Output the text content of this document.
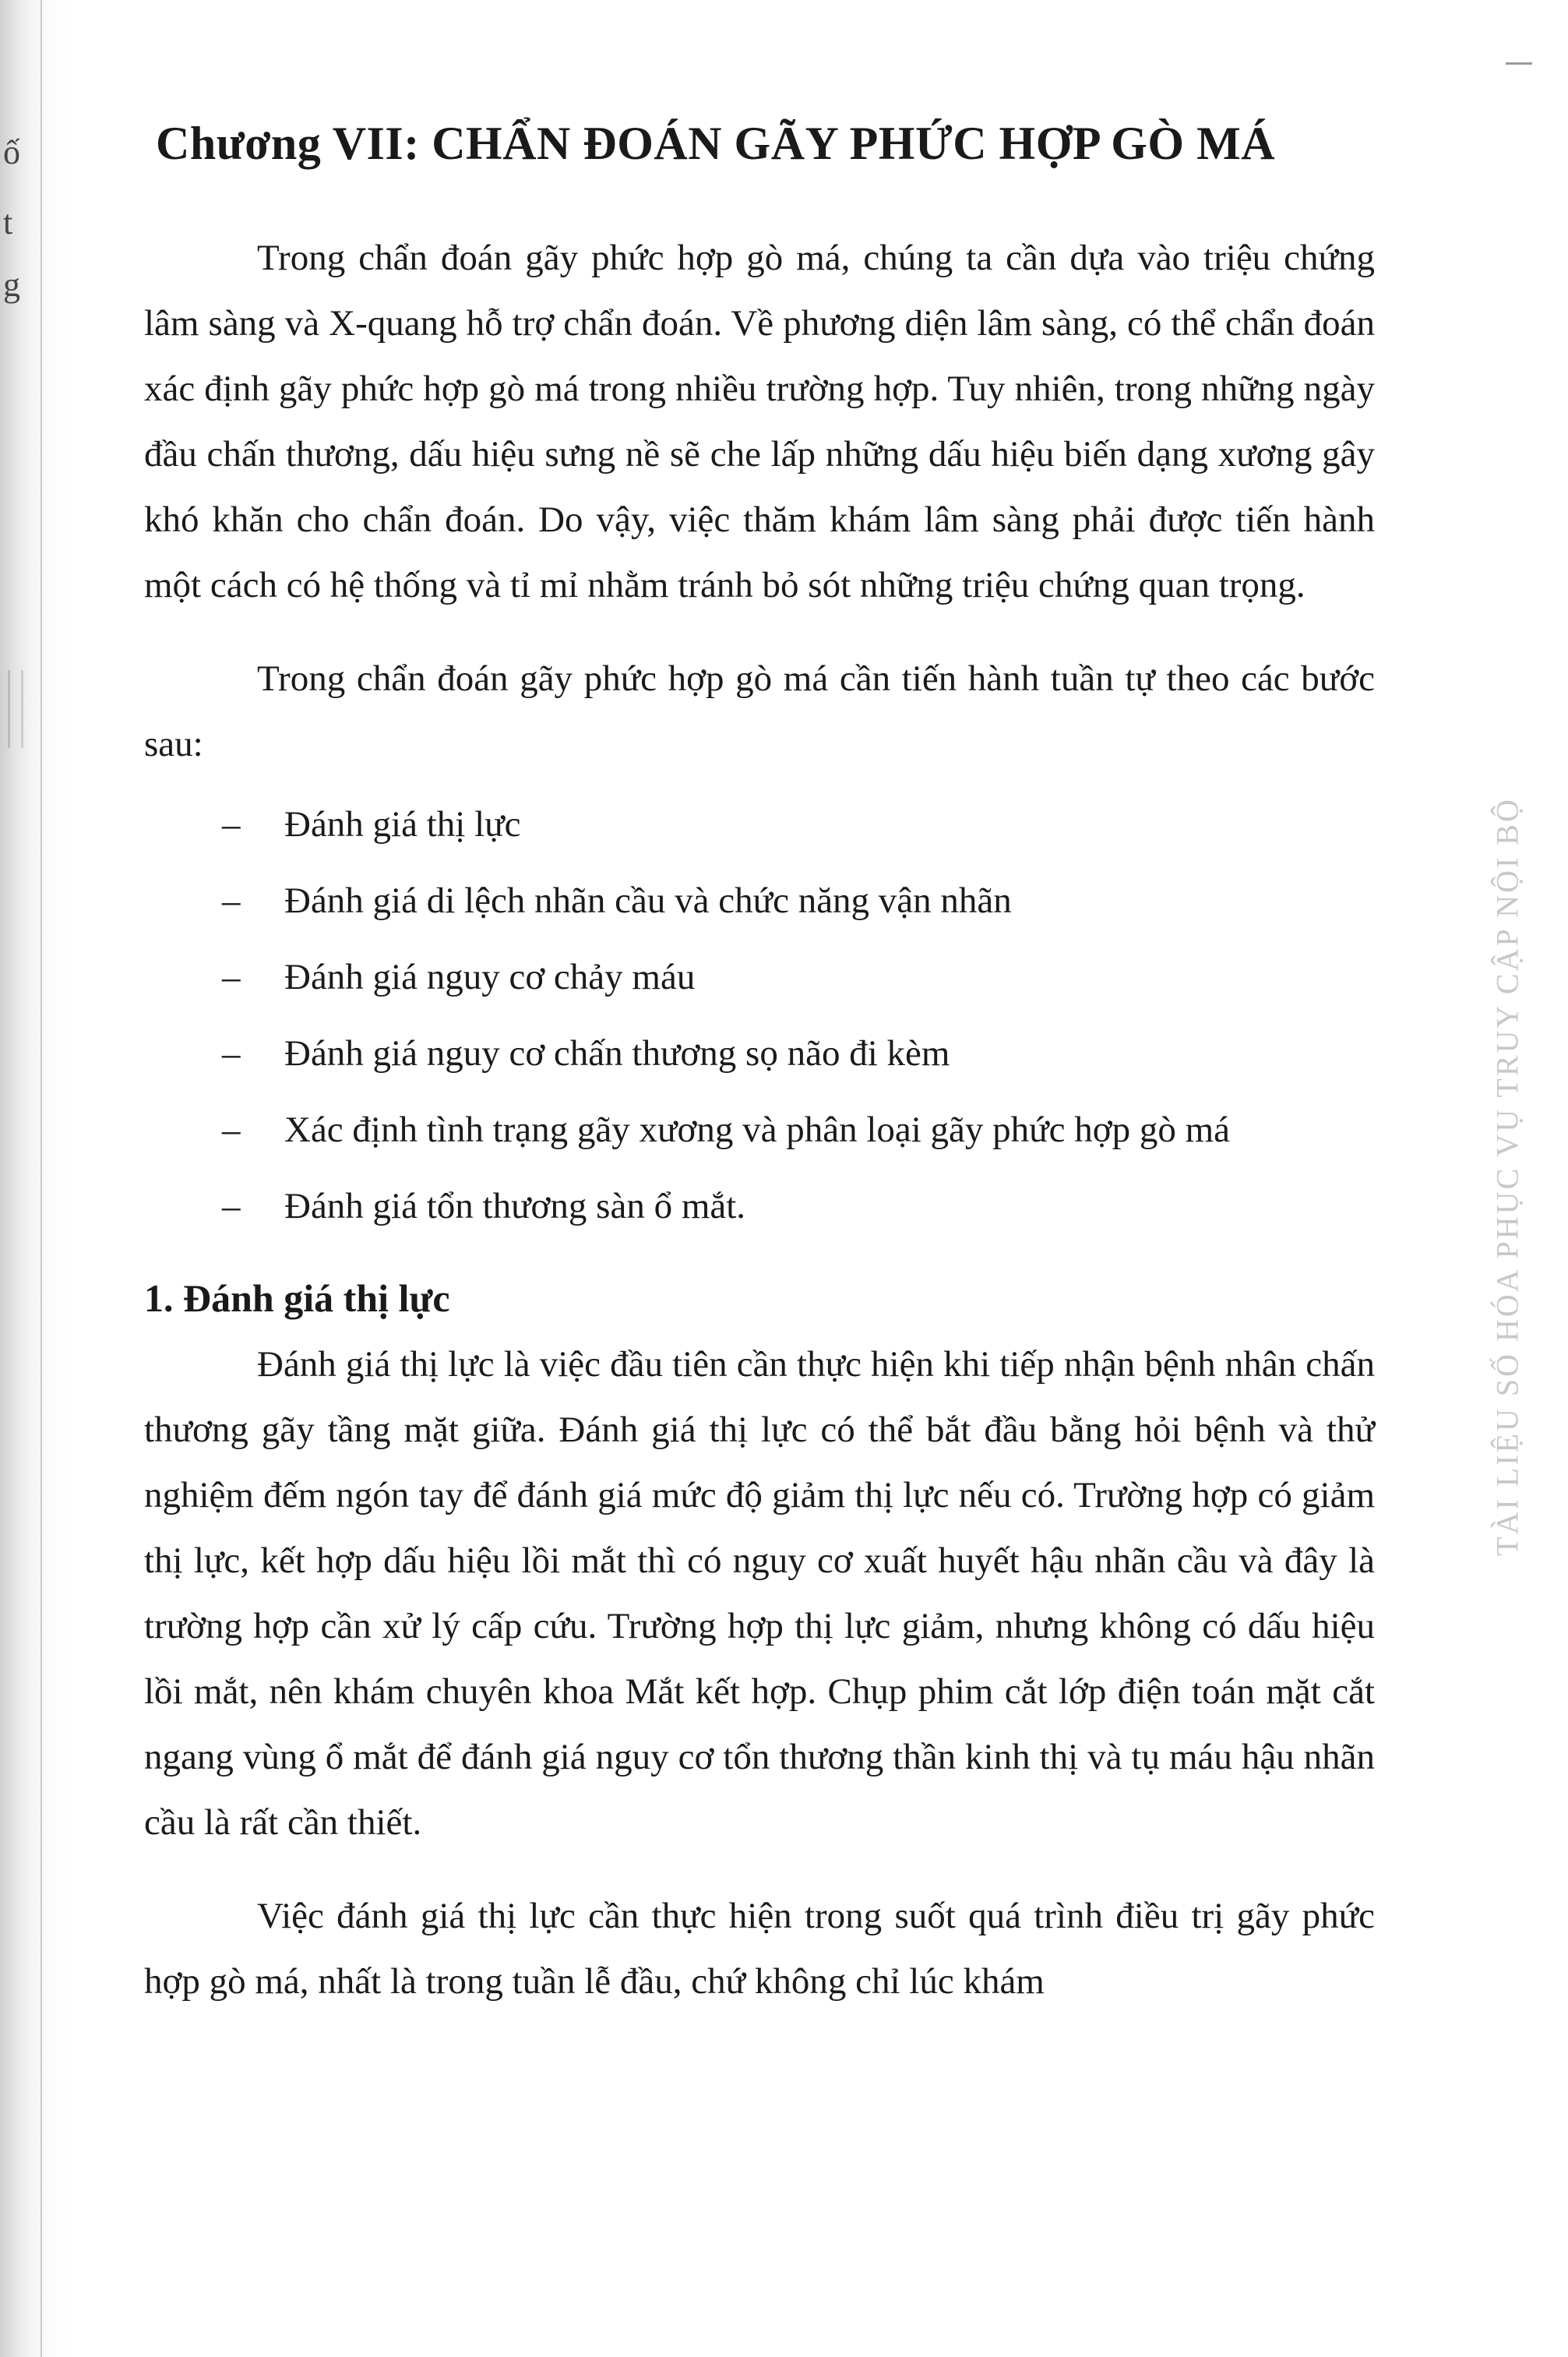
ố
t
g
Chương VII: CHẨN ĐOÁN GÃY PHỨC HỢP GÒ MÁ

Trong chẩn đoán gãy phức hợp gò má, chúng ta cần dựa vào triệu chứng lâm sàng và X-quang hỗ trợ chẩn đoán. Về phương diện lâm sàng, có thể chẩn đoán xác định gãy phức hợp gò má trong nhiều trường hợp. Tuy nhiên, trong những ngày đầu chấn thương, dấu hiệu sưng nề sẽ che lấp những dấu hiệu biến dạng xương gây khó khăn cho chẩn đoán. Do vậy, việc thăm khám lâm sàng phải được tiến hành một cách có hệ thống và tỉ mỉ nhằm tránh bỏ sót những triệu chứng quan trọng.

Trong chẩn đoán gãy phức hợp gò má cần tiến hành tuần tự theo các bước sau:

–	Đánh giá thị lực
–	Đánh giá di lệch nhãn cầu và chức năng vận nhãn
–	Đánh giá nguy cơ chảy máu
–	Đánh giá nguy cơ chấn thương sọ não đi kèm
–	Xác định tình trạng gãy xương và phân loại gãy phức hợp gò má
–	Đánh giá tổn thương sàn ổ mắt.
1. Đánh giá thị lực

Đánh giá thị lực là việc đầu tiên cần thực hiện khi tiếp nhận bệnh nhân chấn thương gãy tầng mặt giữa. Đánh giá thị lực có thể bắt đầu bằng hỏi bệnh và thử nghiệm đếm ngón tay để đánh giá mức độ giảm thị lực nếu có. Trường hợp có giảm thị lực, kết hợp dấu hiệu lồi mắt thì có nguy cơ xuất huyết hậu nhãn cầu và đây là trường hợp cần xử lý cấp cứu. Trường hợp thị lực giảm, nhưng không có dấu hiệu lồi mắt, nên khám chuyên khoa Mắt kết hợp. Chụp phim cắt lớp điện toán mặt cắt ngang vùng ổ mắt để đánh giá nguy cơ tổn thương thần kinh thị và tụ máu hậu nhãn cầu là rất cần thiết.

Việc đánh giá thị lực cần thực hiện trong suốt quá trình điều trị gãy phức hợp gò má, nhất là trong tuần lễ đầu, chứ không chỉ lúc khám

TÀI LIỆU SỐ HÓA PHỤC VỤ TRUY CẬP NỘI BỘ
